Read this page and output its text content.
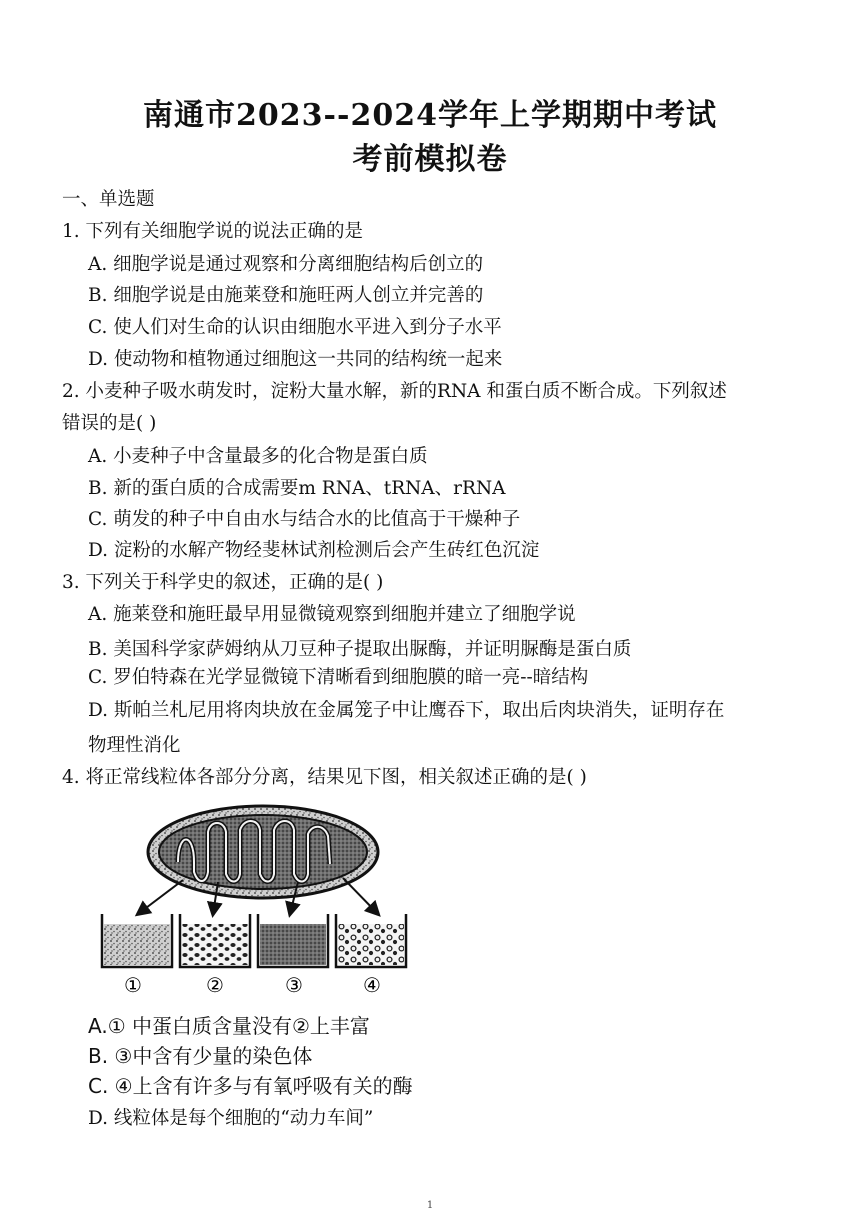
南通市2023--2024学年上学期期中考试
考前模拟卷
一、单选题
1. 下列有关细胞学说的说法正确的是
A. 细胞学说是通过观察和分离细胞结构后创立的
B. 细胞学说是由施莱登和施旺两人创立并完善的
C. 使人们对生命的认识由细胞水平进入到分子水平
D. 使动物和植物通过细胞这一共同的结构统一起来
2. 小麦种子吸水萌发时，淀粉大量水解，新的RNA 和蛋白质不断合成。下列叙述
错误的是( )
A. 小麦种子中含量最多的化合物是蛋白质
B. 新的蛋白质的合成需要m RNA、tRNA、rRNA
C. 萌发的种子中自由水与结合水的比值高于干燥种子
D. 淀粉的水解产物经斐林试剂检测后会产生砖红色沉淀
3. 下列关于科学史的叙述，正确的是( )
A. 施莱登和施旺最早用显微镜观察到细胞并建立了细胞学说
B. 美国科学家萨姆纳从刀豆种子提取出脲酶，并证明脲酶是蛋白质
C. 罗伯特森在光学显微镜下清晰看到细胞膜的暗一亮--暗结构
D. 斯帕兰札尼用将肉块放在金属笼子中让鹰吞下，取出后肉块消失，证明存在
物理性消化
4. 将正常线粒体各部分分离，结果见下图，相关叙述正确的是( )
①	②	③	④
A.① 中蛋白质含量没有②上丰富
B. ③中含有少量的染色体
C. ④上含有许多与有氧呼吸有关的酶
D. 线粒体是每个细胞的“动力车间”
1
